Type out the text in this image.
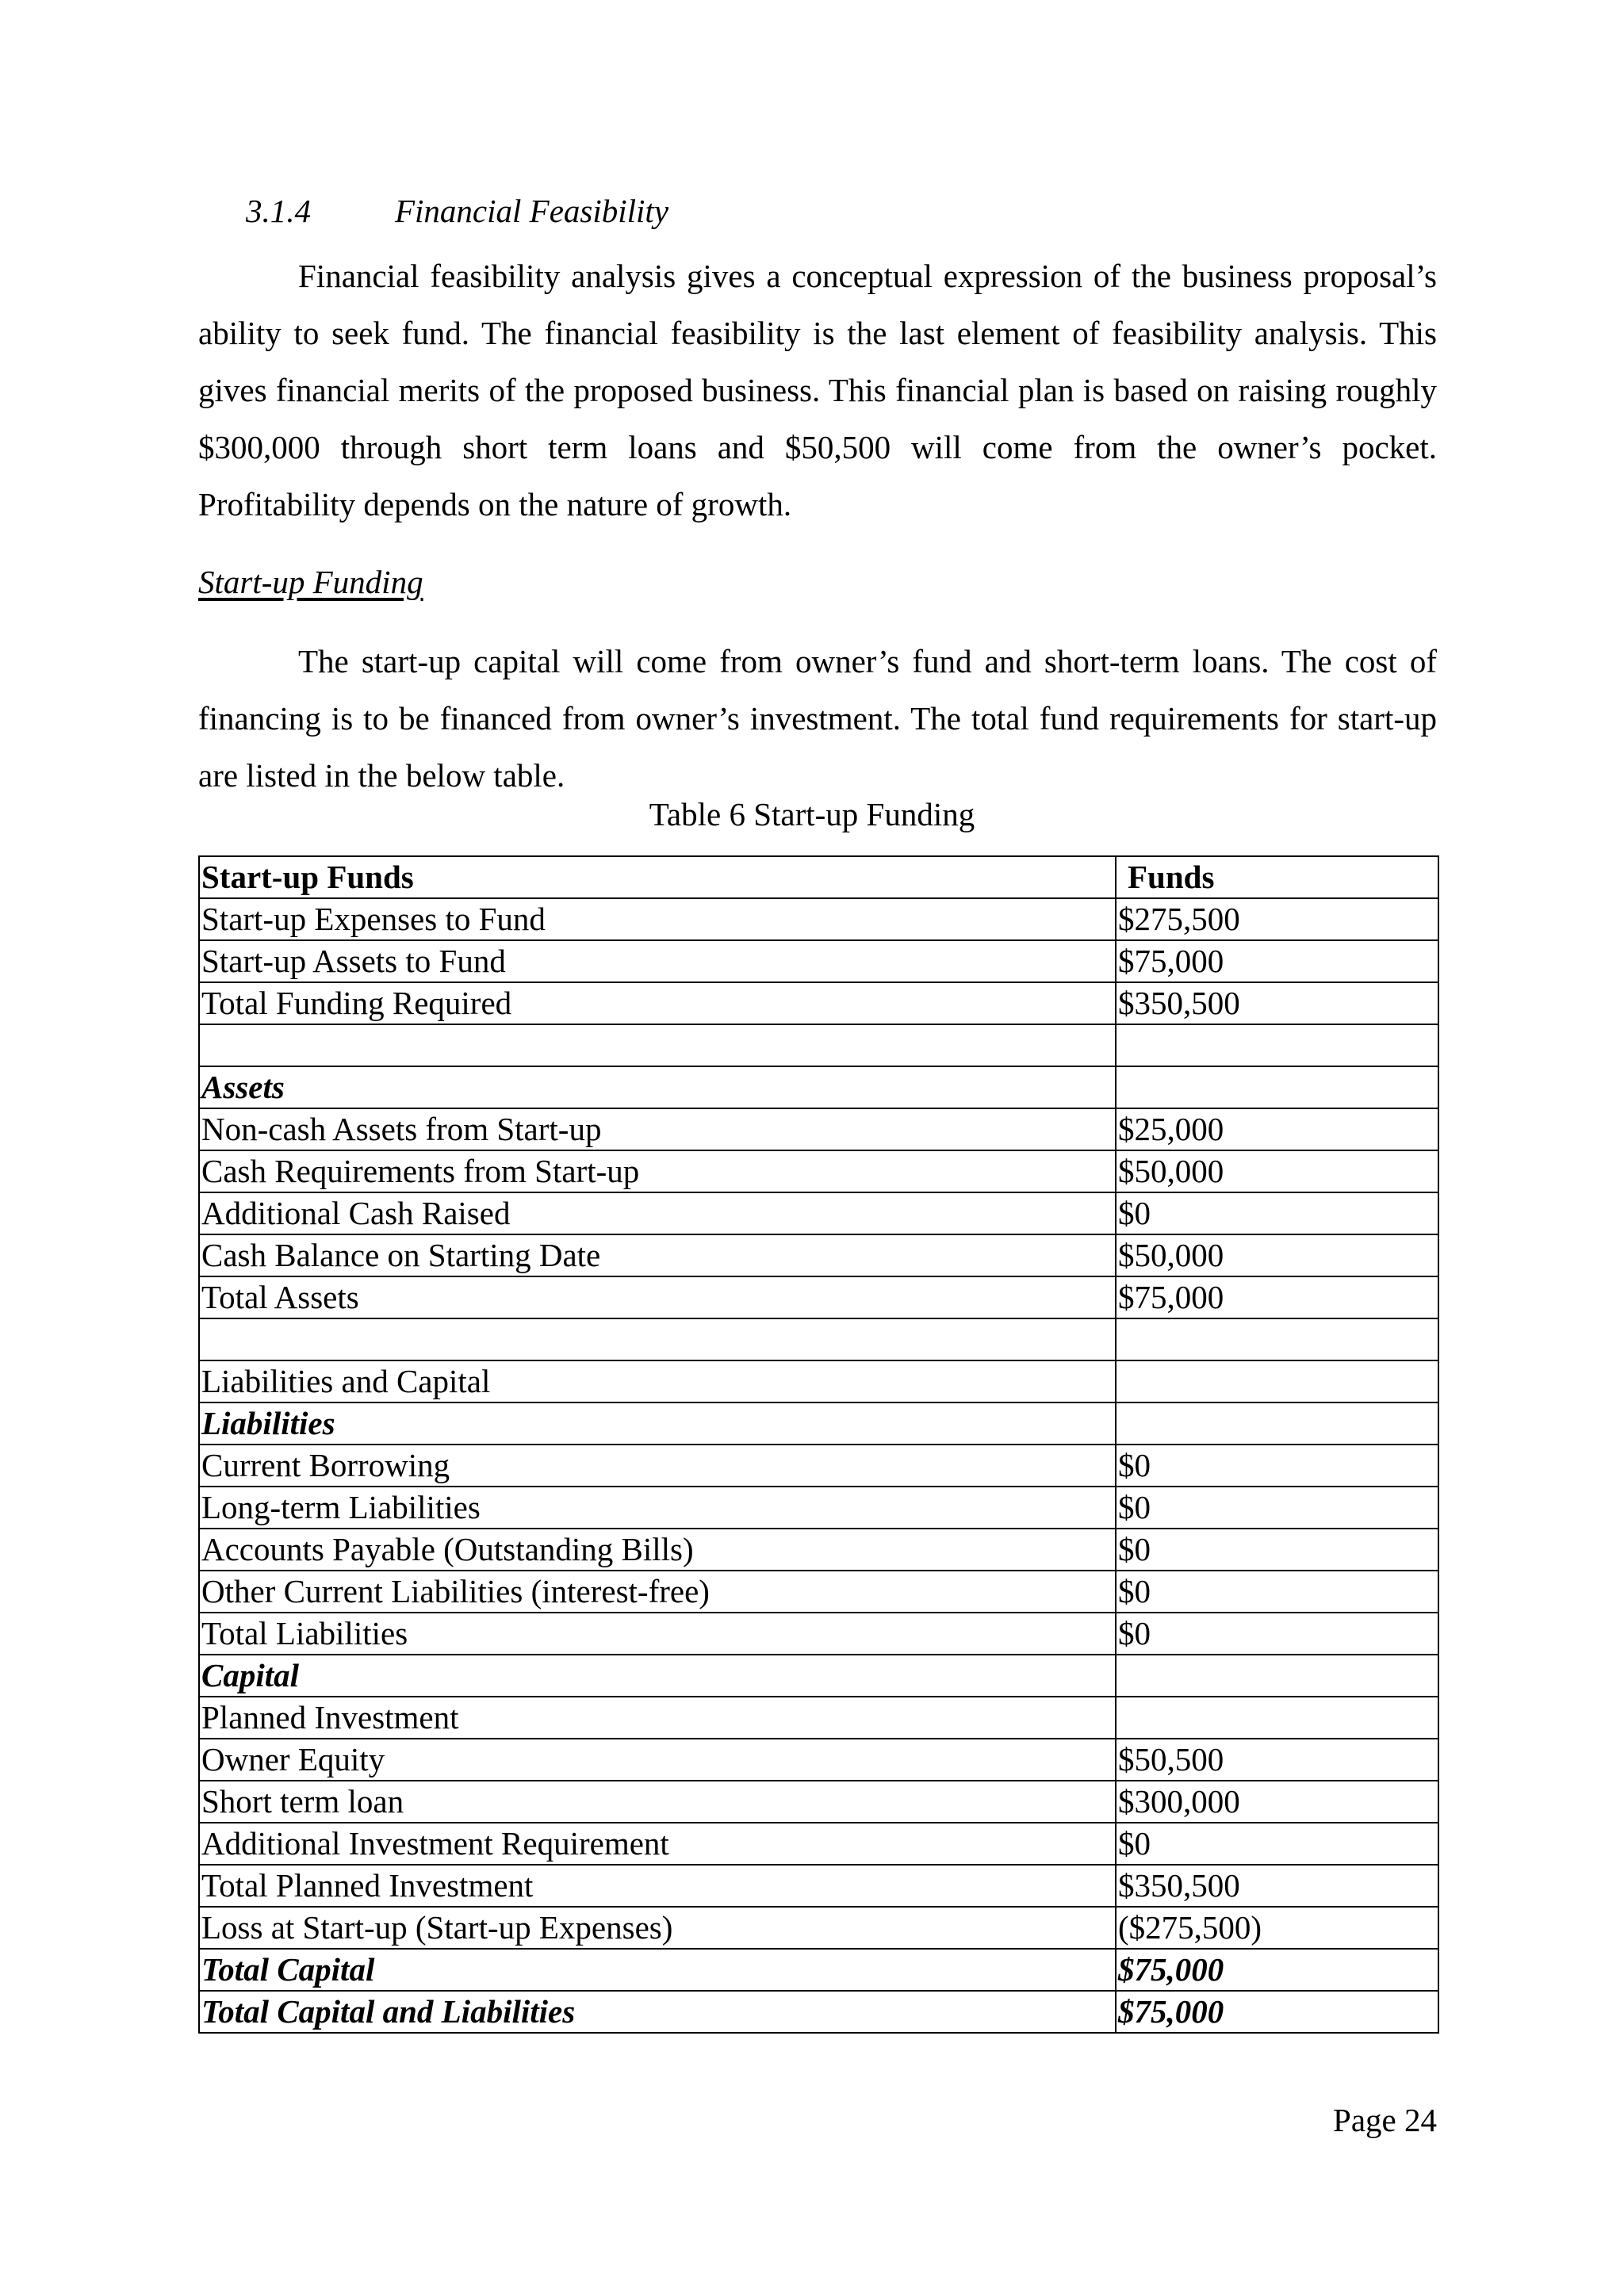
3.1.4	Financial Feasibility

Financial feasibility analysis gives a conceptual expression of the business proposal’s ability to seek fund. The financial feasibility is the last element of feasibility analysis. This gives financial merits of the proposed business. This financial plan is based on raising roughly $300,000 through short term loans and $50,500 will come from the owner’s pocket. Profitability depends on the nature of growth.

Start-up Funding

The start-up capital will come from owner’s fund and short-term loans. The cost of financing is to be financed from owner’s investment. The total fund requirements for start-up are listed in the below table.

Table 6 Start-up Funding
Start-up Funds	Funds
Start-up Expenses to Fund	$275,500
Start-up Assets to Fund	$75,000
Total Funding Required	$350,500

Assets	
Non-cash Assets from Start-up	$25,000
Cash Requirements from Start-up	$50,000
Additional Cash Raised	$0
Cash Balance on Starting Date	$50,000
Total Assets	$75,000

Liabilities and Capital	
Liabilities	
Current Borrowing	$0
Long-term Liabilities	$0
Accounts Payable (Outstanding Bills)	$0
Other Current Liabilities (interest-free)	$0
Total Liabilities	$0
Capital	
Planned Investment	
Owner Equity	$50,500
Short term loan	$300,000
Additional Investment Requirement	$0
Total Planned Investment	$350,500
Loss at Start-up (Start-up Expenses)	($275,500)
Total Capital	$75,000
Total Capital and Liabilities	$75,000
Page 24
